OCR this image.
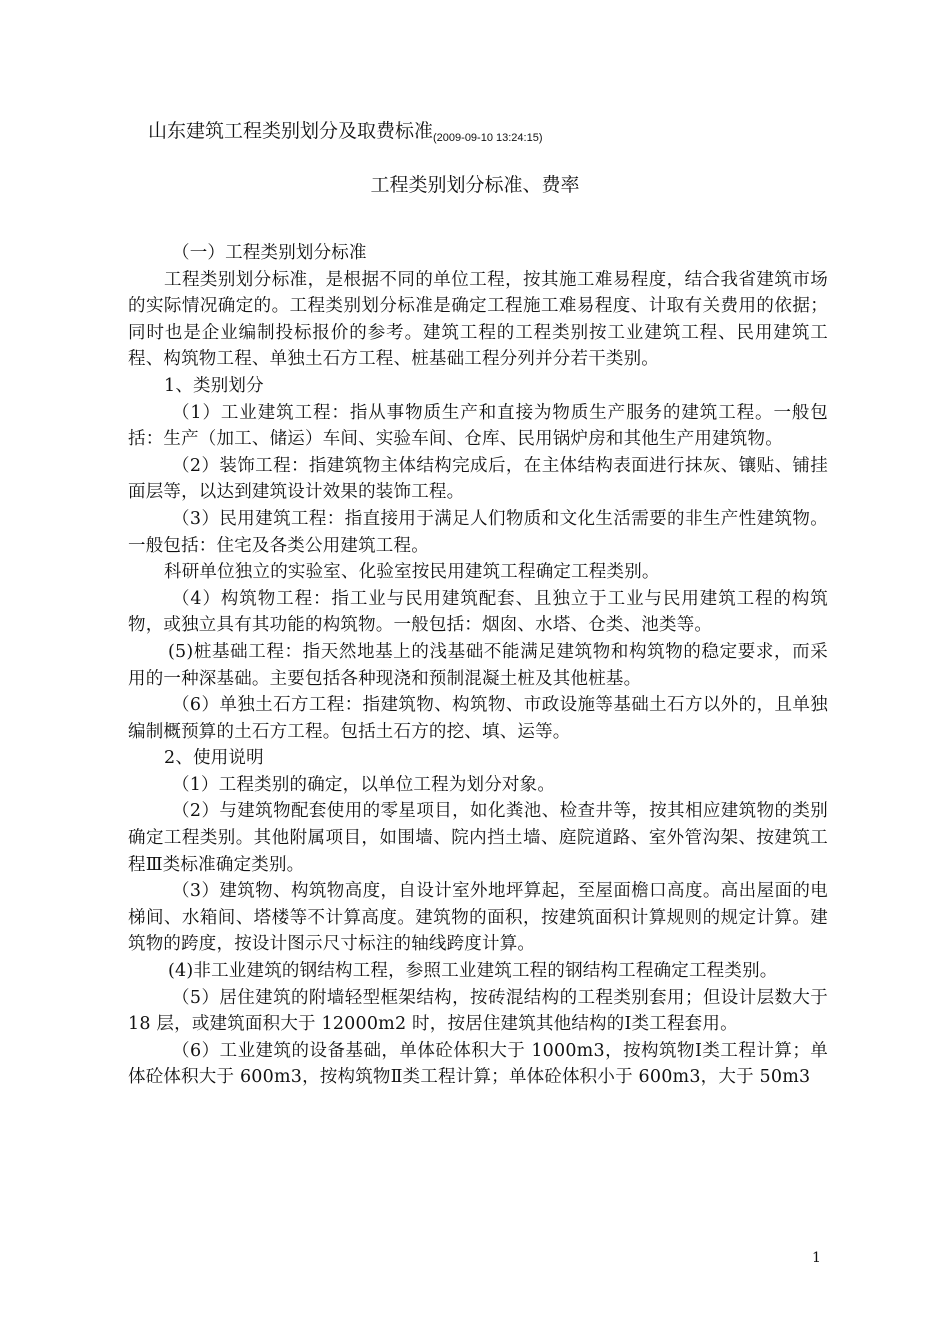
山东建筑工程类别划分及取费标准$_{(2009-09-10 13:24:15)}$
工程类别划分标准、费率

（一）工程类别划分标准

工程类别划分标准，是根据不同的单位工程，按其施工难易程度，结合我省建筑市场的实际情况确定的。工程类别划分标准是确定工程施工难易程度、计取有关费用的依据；同时也是企业编制投标报价的参考。建筑工程的工程类别按工业建筑工程、民用建筑工程、构筑物工程、单独土石方工程、桩基础工程分列并分若干类别。

1、类别划分

（1）工业建筑工程：指从事物质生产和直接为物质生产服务的建筑工程。一般包括：生产（加工、储运）车间、实验车间、仓库、民用锅炉房和其他生产用建筑物。

（2）装饰工程：指建筑物主体结构完成后，在主体结构表面进行抹灰、镶贴、铺挂面层等，以达到建筑设计效果的装饰工程。

（3）民用建筑工程：指直接用于满足人们物质和文化生活需要的非生产性建筑物。一般包括：住宅及各类公用建筑工程。

科研单位独立的实验室、化验室按民用建筑工程确定工程类别。

（4）构筑物工程：指工业与民用建筑配套、且独立于工业与民用建筑工程的构筑物，或独立具有其功能的构筑物。一般包括：烟囱、水塔、仓类、池类等。

(5)桩基础工程：指天然地基上的浅基础不能满足建筑物和构筑物的稳定要求，而采用的一种深基础。主要包括各种现浇和预制混凝土桩及其他桩基。

（6）单独土石方工程：指建筑物、构筑物、市政设施等基础土石方以外的，且单独编制概预算的土石方工程。包括土石方的挖、填、运等。

2、使用说明

（1）工程类别的确定，以单位工程为划分对象。

（2）与建筑物配套使用的零星项目，如化粪池、检查井等，按其相应建筑物的类别确定工程类别。其他附属项目，如围墙、院内挡土墙、庭院道路、室外管沟架、按建筑工程Ⅲ类标准确定类别。

（3）建筑物、构筑物高度，自设计室外地坪算起，至屋面檐口高度。高出屋面的电梯间、水箱间、塔楼等不计算高度。建筑物的面积，按建筑面积计算规则的规定计算。建筑物的跨度，按设计图示尺寸标注的轴线跨度计算。

(4)非工业建筑的钢结构工程，参照工业建筑工程的钢结构工程确定工程类别。

（5）居住建筑的附墙轻型框架结构，按砖混结构的工程类别套用；但设计层数大于 18 层，或建筑面积大于 12000m2 时，按居住建筑其他结构的Ⅰ类工程套用。

（6）工业建筑的设备基础，单体砼体积大于 1000m3，按构筑物Ⅰ类工程计算；单体砼体积大于 600m3，按构筑物Ⅱ类工程计算；单体砼体积小于 600m3，大于 50m3

1
